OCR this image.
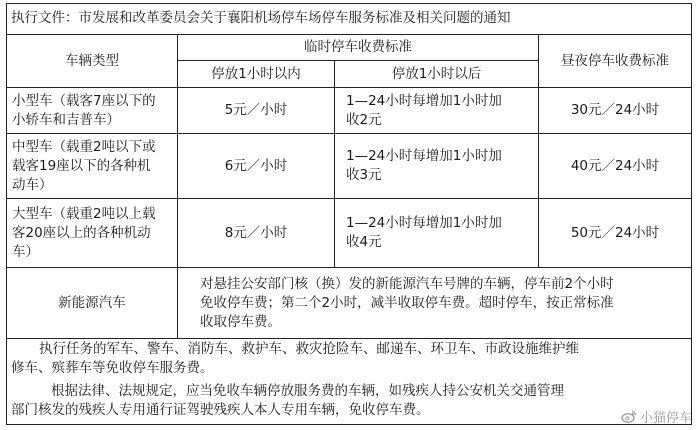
执行文件：市发展和改革委员会关于襄阳机场停车场停车服务标准及相关问题的通知
车辆类型
临时停车收费标准
停放1小时以内	停放1小时以后
昼夜停车收费标准
小型车（载客7座以下的
小轿车和吉普车）
5元／小时
1—24小时每增加1小时加
收2元
30元／24小时
中型车（载重2吨以下或
载客19座以下的各种机
动车）
6元／小时
1—24小时每增加1小时加
收3元
40元／24小时
大型车（载重2吨以上载
客20座以上的各种机动
车）
8元／小时
1—24小时每增加1小时加
收4元
50元／24小时
新能源汽车
对悬挂公安部门核（换）发的新能源汽车号牌的车辆，停车前2个小时
免收停车费；第二个2小时，减半收取停车费。超时停车，按正常标准
收取停车费。
执行任务的军车、警车、消防车、救护车、救灾抢险车、邮递车、环卫车、市政设施维护维
修车、殡葬车等免收停车服务费。
根据法律、法规规定，应当免收车辆停放服务费的车辆，如残疾人持公安机关交通管理
部门核发的残疾人专用通行证驾驶残疾人本人专用车辆，免收停车费。
小猫停车
